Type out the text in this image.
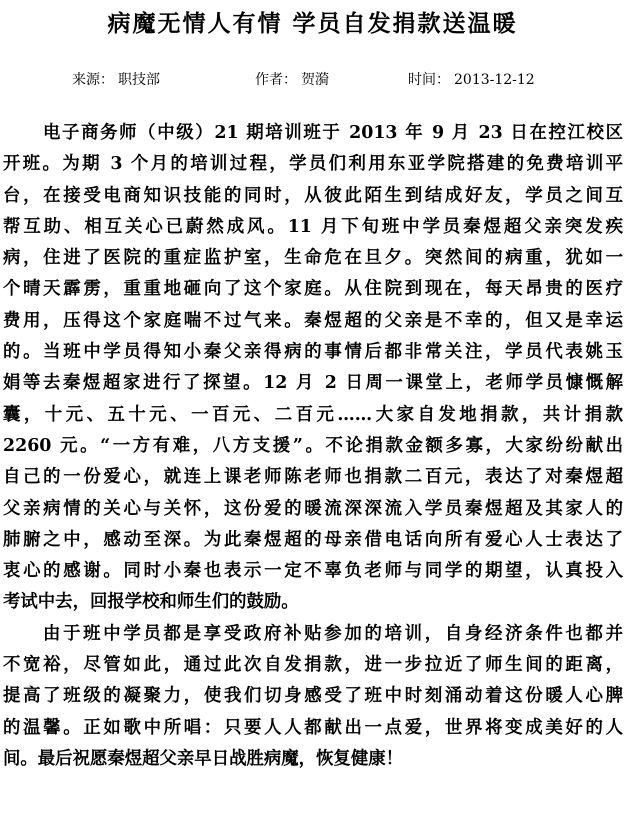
病魔无情人有情 学员自发捐款送温暖
来源： 职技部	作者： 贺漪	时间： 2013-12-12
电子商务师（中级）21 期培训班于 2013 年 9 月 23 日在控江校区
开班。为期 3 个月的培训过程，学员们利用东亚学院搭建的免费培训平
台，在接受电商知识技能的同时，从彼此陌生到结成好友，学员之间互
帮互助、相互关心已蔚然成风。11 月下旬班中学员秦煜超父亲突发疾
病，住进了医院的重症监护室，生命危在旦夕。突然间的病重，犹如一
个晴天霹雳，重重地砸向了这个家庭。从住院到现在，每天昂贵的医疗
费用，压得这个家庭喘不过气来。秦煜超的父亲是不幸的，但又是幸运
的。当班中学员得知小秦父亲得病的事情后都非常关注，学员代表姚玉
娟等去秦煜超家进行了探望。12 月 2 日周一课堂上，老师学员慷慨解
囊，十元、五十元、一百元、二百元……大家自发地捐款，共计捐款
2260 元。“一方有难，八方支援”。不论捐款金额多寡，大家纷纷献出
自己的一份爱心，就连上课老师陈老师也捐款二百元，表达了对秦煜超
父亲病情的关心与关怀，这份爱的暖流深深流入学员秦煜超及其家人的
肺腑之中，感动至深。为此秦煜超的母亲借电话向所有爱心人士表达了
衷心的感谢。同时小秦也表示一定不辜负老师与同学的期望，认真投入
考试中去，回报学校和师生们的鼓励。
由于班中学员都是享受政府补贴参加的培训，自身经济条件也都并
不宽裕，尽管如此，通过此次自发捐款，进一步拉近了师生间的距离，
提高了班级的凝聚力，使我们切身感受了班中时刻涌动着这份暖人心脾
的温馨。正如歌中所唱：只要人人都献出一点爱，世界将变成美好的人
间。最后祝愿秦煜超父亲早日战胜病魔，恢复健康！
